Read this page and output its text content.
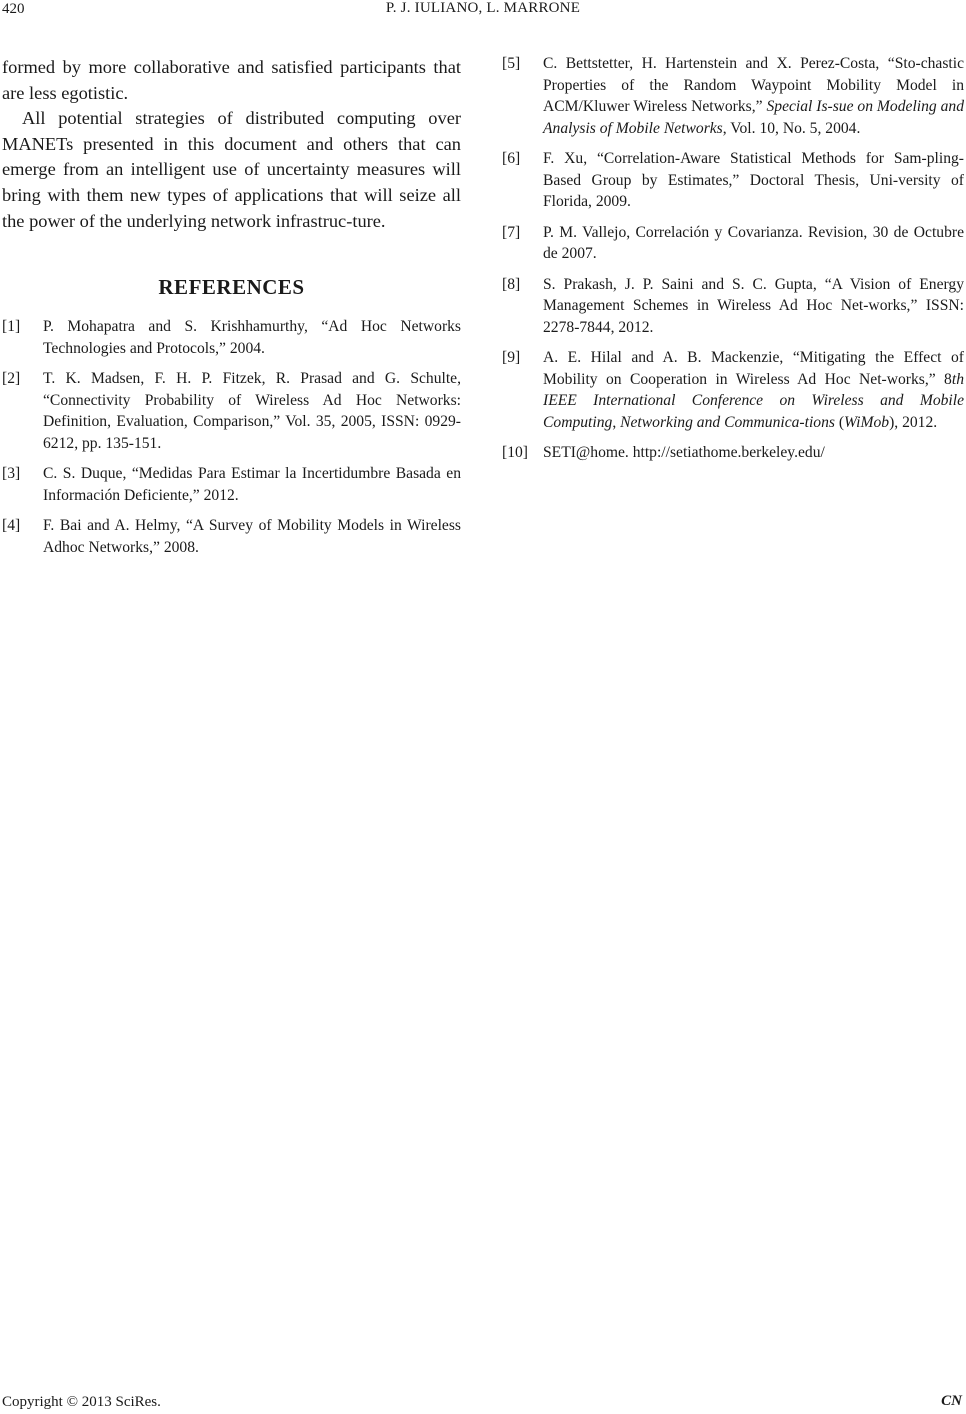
420	P. J. IULIANO, L. MARRONE

formed by more collaborative and satisfied participants that are less egotistic.

All potential strategies of distributed computing over MANETs presented in this document and others that can emerge from an intelligent use of uncertainty measures will bring with them new types of applications that will seize all the power of the underlying network infrastruc-ture.

REFERENCES
[1]	P. Mohapatra and S. Krishhamurthy, “Ad Hoc Networks Technologies and Protocols,” 2004.
[2]	T. K. Madsen, F. H. P. Fitzek, R. Prasad and G. Schulte, “Connectivity Probability of Wireless Ad Hoc Networks: Definition, Evaluation, Comparison,” Vol. 35, 2005, ISSN: 0929-6212, pp. 135-151.
[3]	C. S. Duque, “Medidas Para Estimar la Incertidumbre Basada en Información Deficiente,” 2012.
[4]	F. Bai and A. Helmy, “A Survey of Mobility Models in Wireless Adhoc Networks,” 2008.
[5]	C. Bettstetter, H. Hartenstein and X. Perez-Costa, “Sto-chastic Properties of the Random Waypoint Mobility Model in ACM/Kluwer Wireless Networks,” Special Is-sue on Modeling and Analysis of Mobile Networks, Vol. 10, No. 5, 2004.
[6]	F. Xu, “Correlation-Aware Statistical Methods for Sam-pling-Based Group by Estimates,” Doctoral Thesis, Uni-versity of Florida, 2009.
[7]	P. M. Vallejo, Correlación y Covarianza. Revision, 30 de Octubre de 2007.
[8]	S. Prakash, J. P. Saini and S. C. Gupta, “A Vision of Energy Management Schemes in Wireless Ad Hoc Net-works,” ISSN: 2278-7844, 2012.
[9]	A. E. Hilal and A. B. Mackenzie, “Mitigating the Effect of Mobility on Cooperation in Wireless Ad Hoc Net-works,” 8th IEEE International Conference on Wireless and Mobile Computing, Networking and Communica-tions (WiMob), 2012.
[10] SETI@home. http://setiathome.berkeley.edu/
Copyright © 2013 SciRes.	CN
